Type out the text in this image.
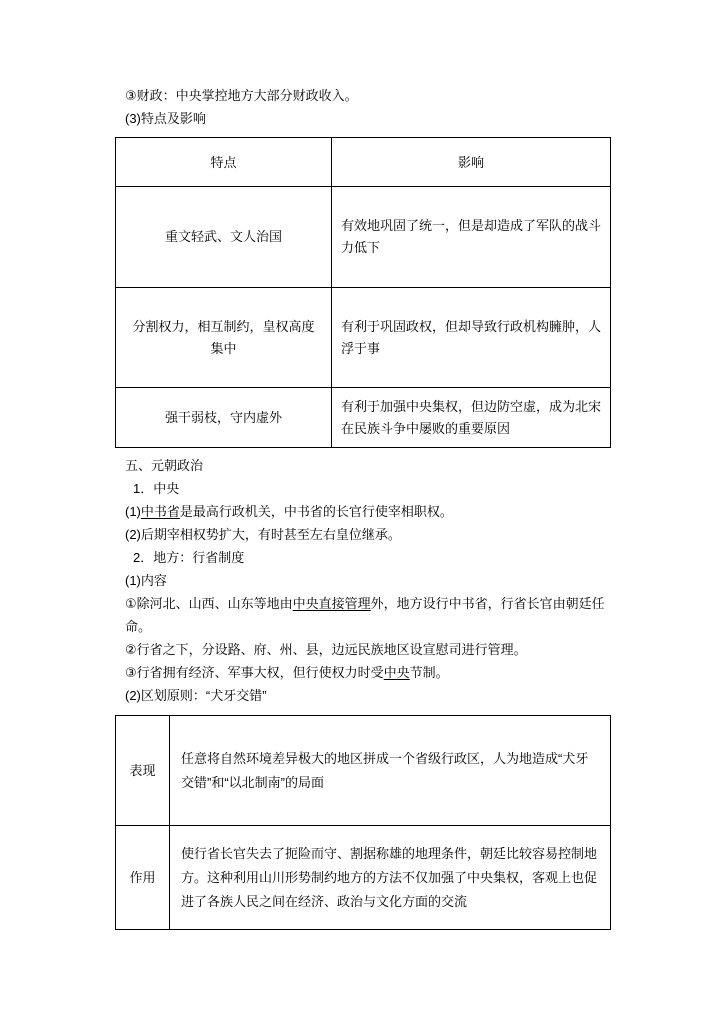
③财政：中央掌控地方大部分财政收入。
(3)特点及影响
特点	影响
重文轻武、文人治国	有效地巩固了统一，但是却造成了军队的战斗力低下
分割权力，相互制约，皇权高度集中	有利于巩固政权，但却导致行政机构臃肿，人浮于事
强干弱枝，守内虚外	有利于加强中央集权，但边防空虚，成为北宋在民族斗争中屡败的重要原因
五、元朝政治
1．中央
(1)中书省是最高行政机关，中书省的长官行使宰相职权。
(2)后期宰相权势扩大，有时甚至左右皇位继承。
2．地方：行省制度
(1)内容
①除河北、山西、山东等地由中央直接管理外，地方设行中书省，行省长官由朝廷任命。
②行省之下，分设路、府、州、县，边远民族地区设宣慰司进行管理。
③行省拥有经济、军事大权，但行使权力时受中央节制。
(2)区划原则：“犬牙交错”
表现	任意将自然环境差异极大的地区拼成一个省级行政区，人为地造成“犬牙交错”和“以北制南”的局面
作用	使行省长官失去了扼险而守、割据称雄的地理条件，朝廷比较容易控制地方。这种利用山川形势制约地方的方法不仅加强了中央集权，客观上也促进了各族人民之间在经济、政治与文化方面的交流
